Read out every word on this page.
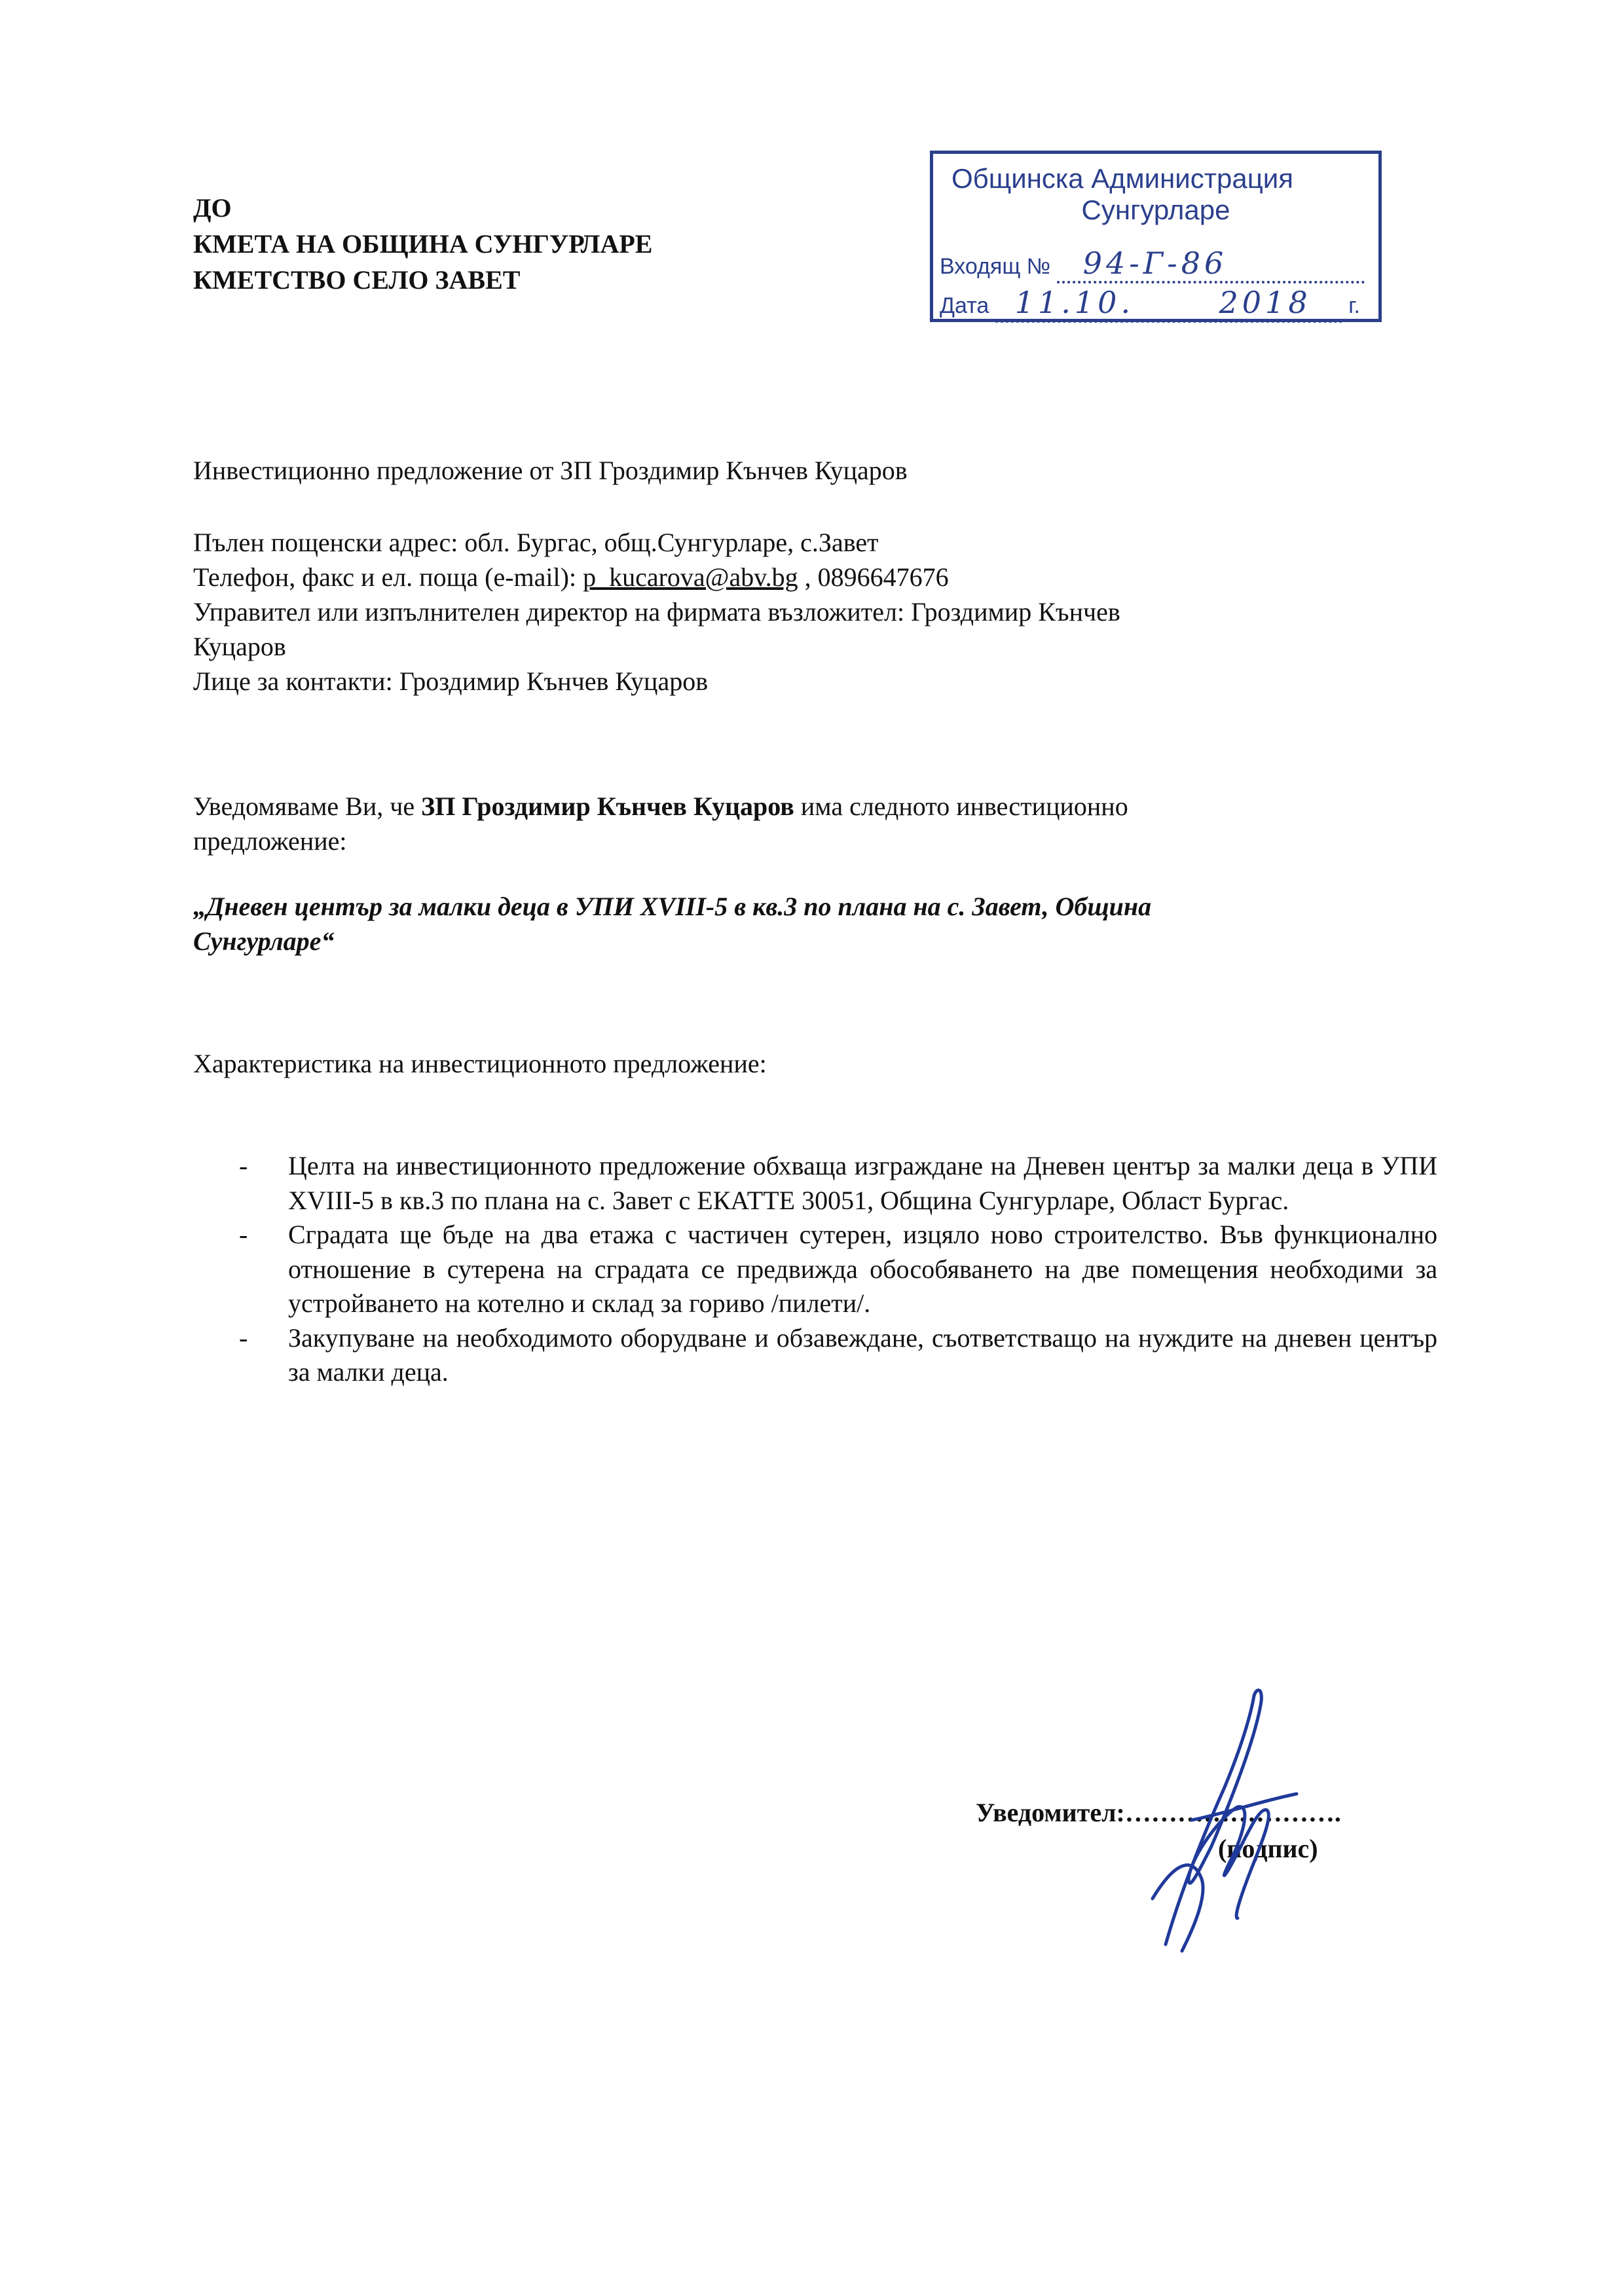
ДО
КМЕТА НА ОБЩИНА СУНГУРЛАРЕ
КМЕТСТВО СЕЛО ЗАВЕТ
Общинска Администрация
Сунгурларе
Входящ № 94-Г-86
Дата 11.10.	2018 г.
Инвестиционно предложение от ЗП Гроздимир Кънчев Куцаров
Пълен пощенски адрес: обл. Бургас, общ.Сунгурларе, с.Завет
Телефон, факс и ел. поща (e-mail): p_kucarova@abv.bg , 0896647676
Управител или изпълнителен директор на фирмата възложител: Гроздимир Кънчев
Куцаров
Лице за контакти: Гроздимир Кънчев Куцаров
Уведомяваме Ви, че ЗП Гроздимир Кънчев Куцаров има следното инвестиционно
предложение:
„Дневен център за малки деца в УПИ XVIII-5 в кв.3 по плана на с. Завет, Община
Сунгурларе“
Характеристика на инвестиционното предложение:
- Целта на инвестиционното предложение обхваща изграждане на Дневен център за малки деца в УПИ XVIII-5 в кв.3 по плана на с. Завет с ЕКАТТЕ 30051, Община Сунгурларе, Област Бургас.
- Сградата ще бъде на два етажа с частичен сутерен, изцяло ново строителство. Във функционално отношение в сутерена на сградата се предвижда обособяването на две помещения необходими за устройването на котелно и склад за гориво /пилети/.
- Закупуване на необходимото оборудване и обзавеждане, съответстващо на нуждите на дневен център за малки деца.
Уведомител:…………………….
(подпис)
